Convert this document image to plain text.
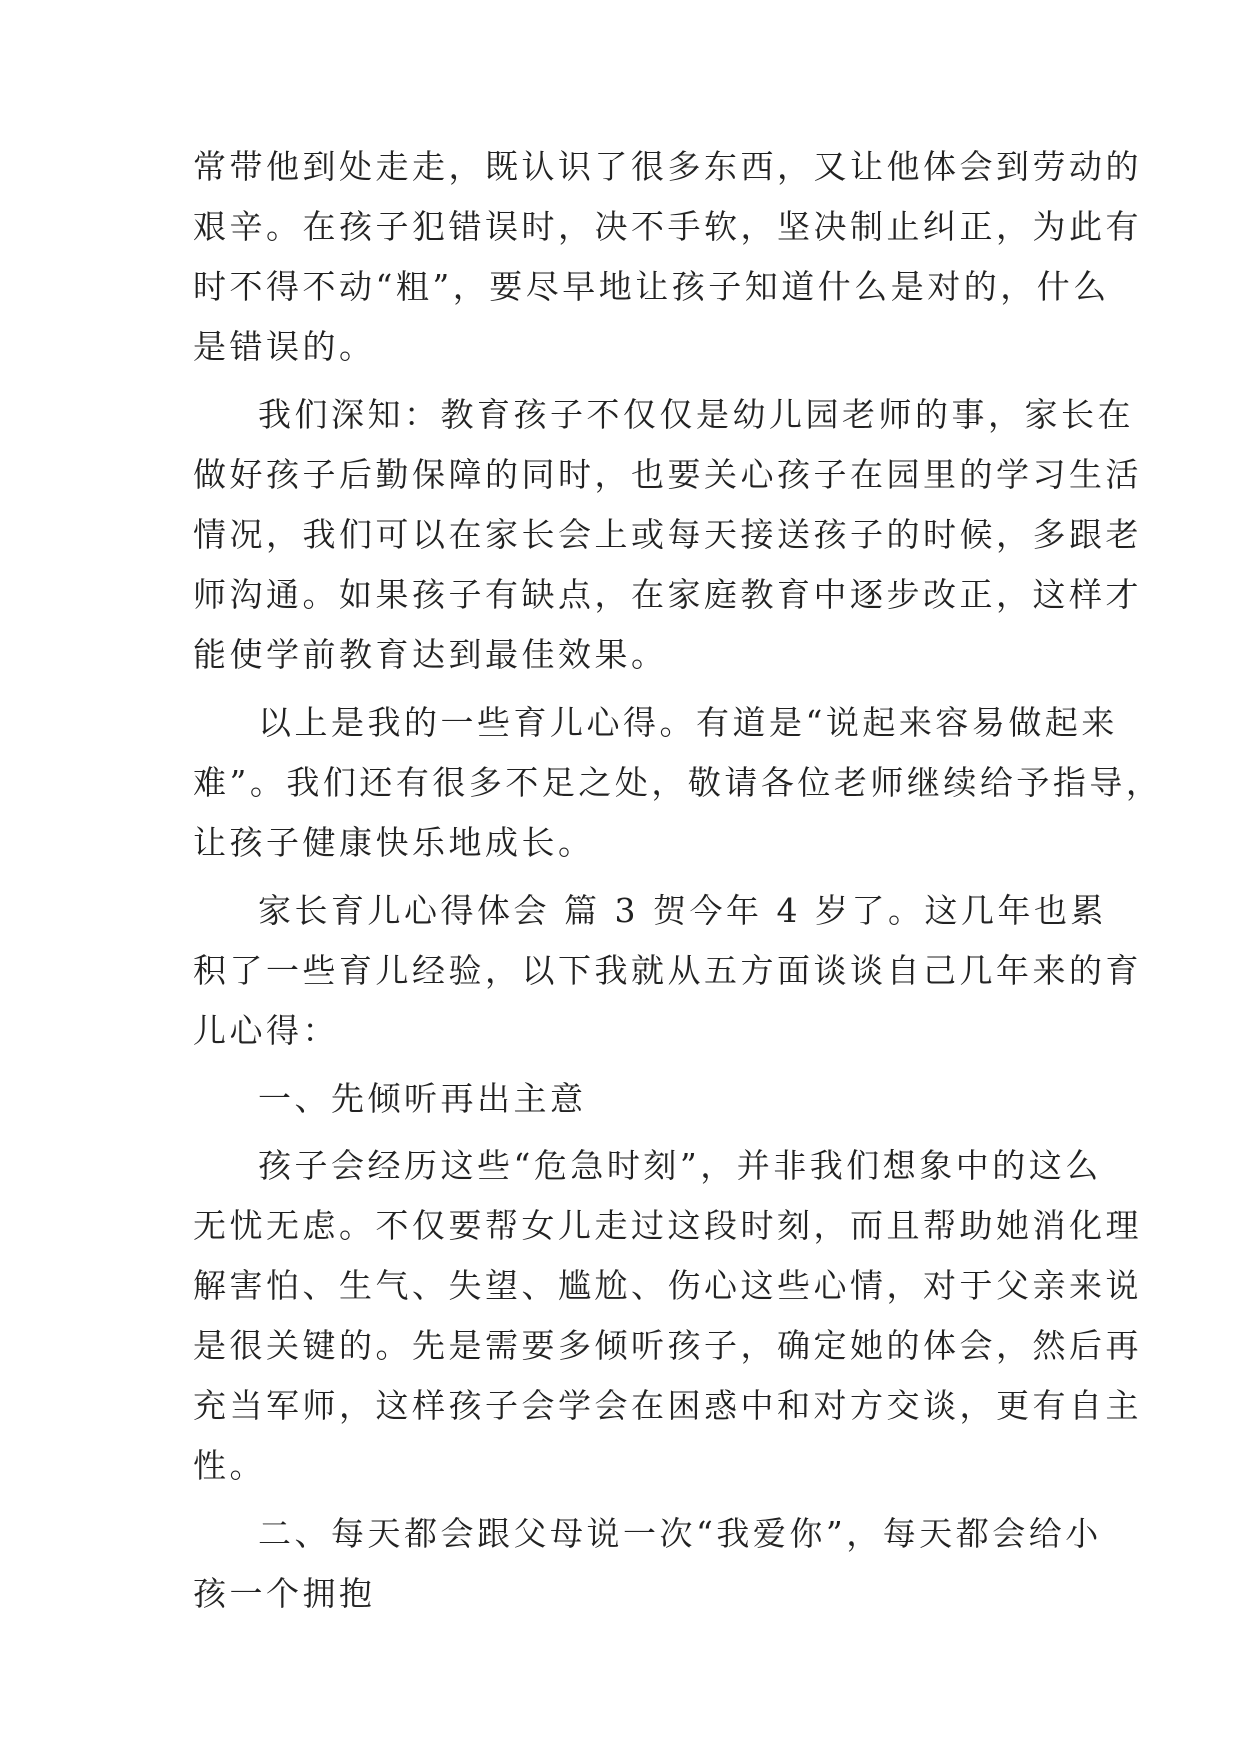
常带他到处走走，既认识了很多东西，又让他体会到劳动的
艰辛。在孩子犯错误时，决不手软，坚决制止纠正，为此有
时不得不动“粗”，要尽早地让孩子知道什么是对的，什么
是错误的。
我们深知：教育孩子不仅仅是幼儿园老师的事，家长在
做好孩子后勤保障的同时，也要关心孩子在园里的学习生活
情况，我们可以在家长会上或每天接送孩子的时候，多跟老
师沟通。如果孩子有缺点，在家庭教育中逐步改正，这样才
能使学前教育达到最佳效果。
以上是我的一些育儿心得。有道是“说起来容易做起来
难”。我们还有很多不足之处，敬请各位老师继续给予指导，
让孩子健康快乐地成长。
家长育儿心得体会 篇 3 贺今年 4 岁了。这几年也累
积了一些育儿经验，以下我就从五方面谈谈自己几年来的育
儿心得：
一、先倾听再出主意
孩子会经历这些“危急时刻”，并非我们想象中的这么
无忧无虑。不仅要帮女儿走过这段时刻，而且帮助她消化理
解害怕、生气、失望、尴尬、伤心这些心情，对于父亲来说
是很关键的。先是需要多倾听孩子，确定她的体会，然后再
充当军师，这样孩子会学会在困惑中和对方交谈，更有自主
性。
二、每天都会跟父母说一次“我爱你”，每天都会给小
孩一个拥抱
